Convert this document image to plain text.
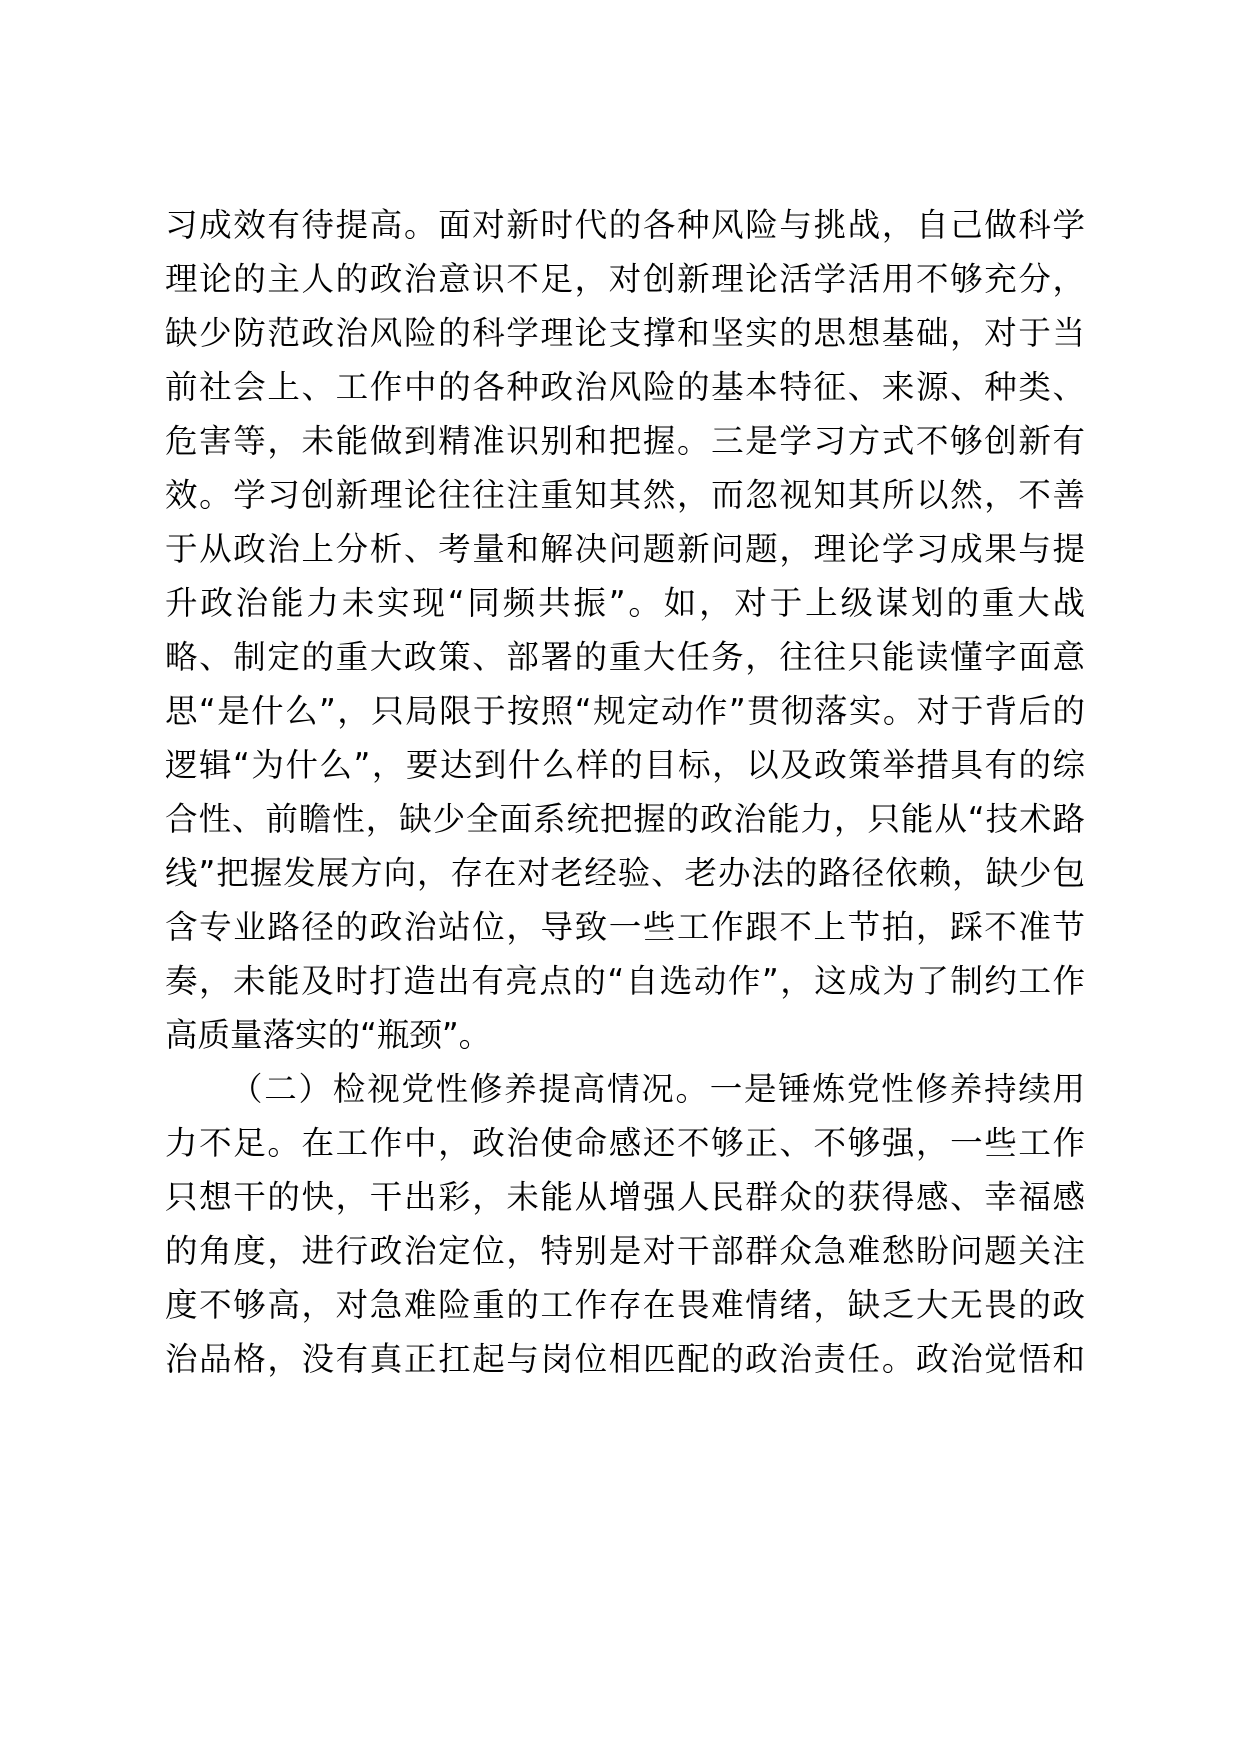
习成效有待提高。面对新时代的各种风险与挑战，自己做科学
理论的主人的政治意识不足，对创新理论活学活用不够充分，
缺少防范政治风险的科学理论支撑和坚实的思想基础，对于当
前社会上、工作中的各种政治风险的基本特征、来源、种类、
危害等，未能做到精准识别和把握。三是学习方式不够创新有
效。学习创新理论往往注重知其然，而忽视知其所以然，不善
于从政治上分析、考量和解决问题新问题，理论学习成果与提
升政治能力未实现“同频共振”。如，对于上级谋划的重大战
略、制定的重大政策、部署的重大任务，往往只能读懂字面意
思“是什么”，只局限于按照“规定动作”贯彻落实。对于背后的
逻辑“为什么”，要达到什么样的目标，以及政策举措具有的综
合性、前瞻性，缺少全面系统把握的政治能力，只能从“技术路
线”把握发展方向，存在对老经验、老办法的路径依赖，缺少包
含专业路径的政治站位，导致一些工作跟不上节拍，踩不准节
奏，未能及时打造出有亮点的“自选动作”，这成为了制约工作
高质量落实的“瓶颈”。
（二）检视党性修养提高情况。一是锤炼党性修养持续用
力不足。在工作中，政治使命感还不够正、不够强，一些工作
只想干的快，干出彩，未能从增强人民群众的获得感、幸福感
的角度，进行政治定位，特别是对干部群众急难愁盼问题关注
度不够高，对急难险重的工作存在畏难情绪，缺乏大无畏的政
治品格，没有真正扛起与岗位相匹配的政治责任。政治觉悟和
